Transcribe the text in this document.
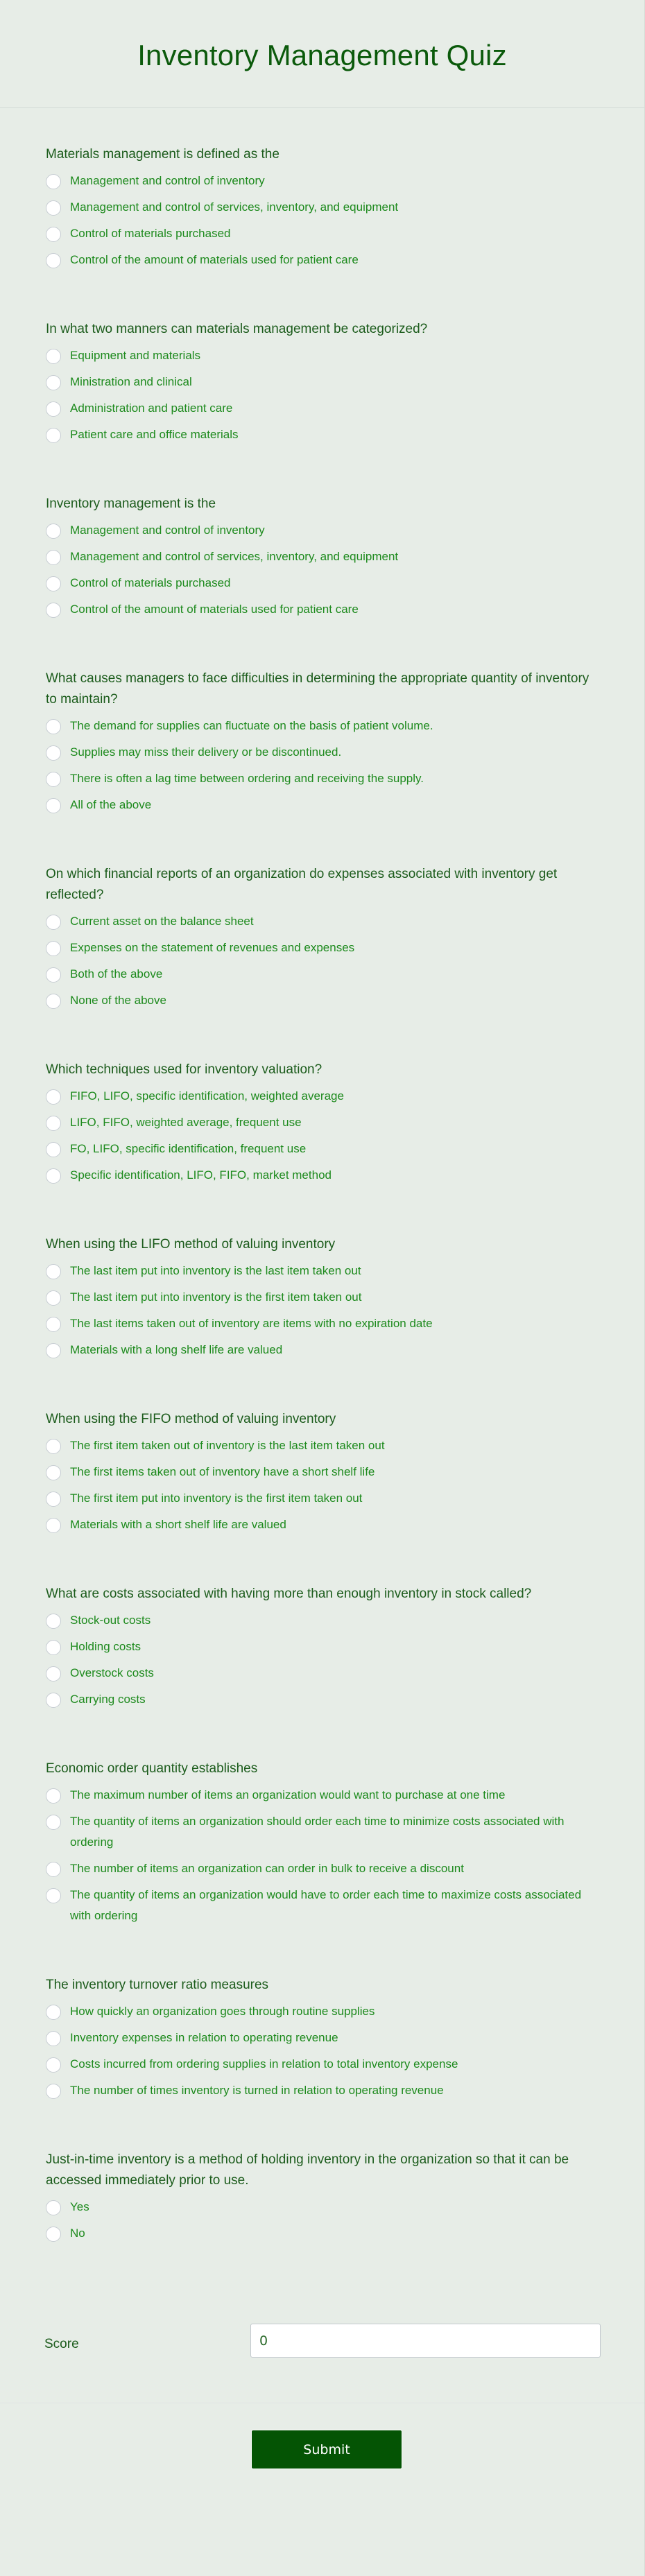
Inventory Management Quiz
Materials management is defined as the
Management and control of inventory
Management and control of services, inventory, and equipment
Control of materials purchased
Control of the amount of materials used for patient care
In what two manners can materials management be categorized?
Equipment and materials
Ministration and clinical
Administration and patient care
Patient care and office materials
Inventory management is the
Management and control of inventory
Management and control of services, inventory, and equipment
Control of materials purchased
Control of the amount of materials used for patient care
What causes managers to face difficulties in determining the appropriate quantity of inventory to maintain?
The demand for supplies can fluctuate on the basis of patient volume.
Supplies may miss their delivery or be discontinued.
There is often a lag time between ordering and receiving the supply.
All of the above
On which financial reports of an organization do expenses associated with inventory get reflected?
Current asset on the balance sheet
Expenses on the statement of revenues and expenses
Both of the above
None of the above
Which techniques used for inventory valuation?
FIFO, LIFO, specific identification, weighted average
LIFO, FIFO, weighted average, frequent use
FO, LIFO, specific identification, frequent use
Specific identification, LIFO, FIFO, market method
When using the LIFO method of valuing inventory
The last item put into inventory is the last item taken out
The last item put into inventory is the first item taken out
The last items taken out of inventory are items with no expiration date
Materials with a long shelf life are valued
When using the FIFO method of valuing inventory
The first item taken out of inventory is the last item taken out
The first items taken out of inventory have a short shelf life
The first item put into inventory is the first item taken out
Materials with a short shelf life are valued
What are costs associated with having more than enough inventory in stock called?
Stock-out costs
Holding costs
Overstock costs
Carrying costs
Economic order quantity establishes
The maximum number of items an organization would want to purchase at one time
The quantity of items an organization should order each time to minimize costs associated with ordering
The number of items an organization can order in bulk to receive a discount
The quantity of items an organization would have to order each time to maximize costs associated with ordering
The inventory turnover ratio measures
How quickly an organization goes through routine supplies
Inventory expenses in relation to operating revenue
Costs incurred from ordering supplies in relation to total inventory expense
The number of times inventory is turned in relation to operating revenue
Just-in-time inventory is a method of holding inventory in the organization so that it can be accessed immediately prior to use.
Yes
No
Score
0
Submit
